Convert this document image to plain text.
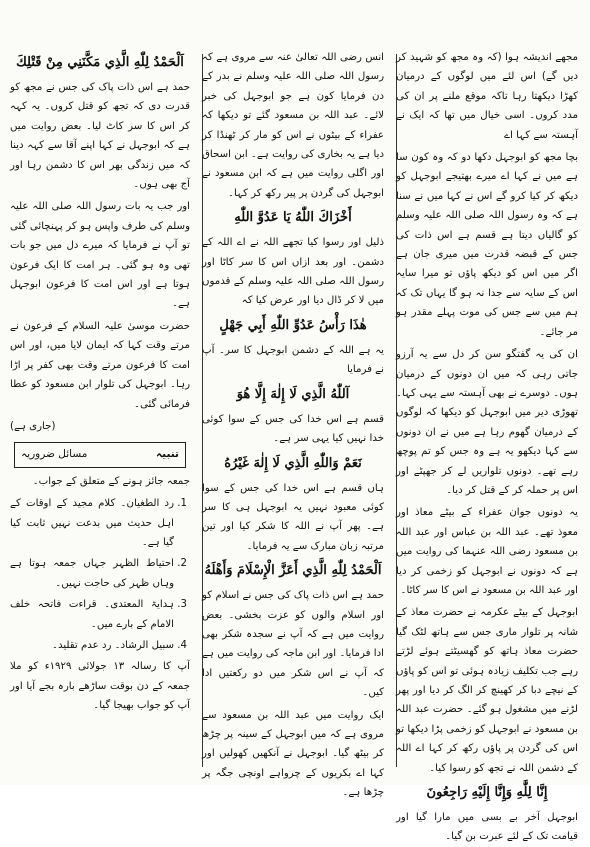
مجھے اندیشہ ہوا (کہ وہ مجھ کو شہید کر دیں گے) اس لئے میں لوگوں کے درمیان کھڑا دیکھتا رہا تاکہ موقع ملنے پر ان کی مدد کروں۔ اسی خیال میں تھا کہ ایک نے آہستہ سے کہا اے

بچا مجھ کو ابوجہل دکھا دو کہ وہ کون سا ہے میں نے کہا اے میرے بھتیجے ابوجہل کو دیکھ کر کیا کرو گے اس نے کہا میں نے سنا ہے کہ وہ رسول اللہ صلی اللہ علیہ وسلم کو گالیاں دیتا ہے قسم ہے اس ذات کی جس کے قبضہ قدرت میں میری جان ہے اگر میں اس کو دیکھ پاؤں تو میرا سایہ اس کے سایہ سے جدا نہ ہو گا یہاں تک کہ ہم میں سے جس کی موت پہلے مقدر ہو مر جائے۔

ان کی یہ گفتگو سن کر دل سے یہ آرزو جاتی رہی کہ میں ان دونوں کے درمیان ہوں۔ دوسرے نے بھی آہستہ سے یہی کہا۔ تھوڑی دیر میں ابوجہل کو دیکھا کہ لوگوں کے درمیان گھوم رہا ہے میں نے ان دونوں سے کہا دیکھو یہ ہے وہ جس کو تم پوچھ رہے تھے۔ دونوں تلواریں لے کر جھپٹے اور اس پر حملہ کر کے قتل کر دیا۔

یہ دونوں جوان عفراء کے بیٹے معاذ اور معوذ تھے۔ عبد اللہ بن عباس اور عبد اللہ بن مسعود رضی اللہ عنہما کی روایت میں ہے کہ دونوں نے ابوجہل کو زخمی کر دیا اور عبد اللہ بن مسعود نے اس کا سر کاٹا۔

ابوجہل کے بیٹے عکرمہ نے حضرت معاذ کے شانہ پر تلوار ماری جس سے ہاتھ لٹک گیا حضرت معاذ ہاتھ کو گھسیٹتے ہوئے لڑتے رہے جب تکلیف زیادہ ہوئی تو اس کو پاؤں کے نیچے دبا کر کھینچ کر الگ کر دیا اور پھر لڑنے میں مشغول ہو گئے۔ حضرت عبد اللہ بن مسعود نے ابوجہل کو زخمی پڑا دیکھا تو اس کی گردن پر پاؤں رکھ کر کہا اے اللہ کے دشمن اللہ نے تجھ کو رسوا کیا۔

إِنَّا لِلَّٰهِ وَإِنَّا إِلَيْهِ رَاجِعُونَ

ابوجہل آخر بے بسی میں مارا گیا اور قیامت تک کے لئے عبرت بن گیا۔

انس رضی اللہ تعالیٰ عنہ سے مروی ہے کہ رسول اللہ صلی اللہ علیہ وسلم نے بدر کے دن فرمایا کون ہے جو ابوجہل کی خبر لائے۔ عبد اللہ بن مسعود گئے تو دیکھا کہ عفراء کے بیٹوں نے اس کو مار کر ٹھنڈا کر دیا ہے یہ بخاری کی روایت ہے۔ ابن اسحاق اور اگلی روایت میں ہے کہ ابن مسعود نے ابوجہل کی گردن پر پیر رکھ کر کہا۔

أَخْزَاكَ اللّٰهُ يَا عَدُوَّ اللّٰهِ

ذلیل اور رسوا کیا تجھے اللہ نے اے اللہ کے دشمن۔ اور بعد ازاں اس کا سر کاٹا اور رسول اللہ صلی اللہ علیہ وسلم کے قدموں میں لا کر ڈال دیا اور عرض کیا کہ

هٰذَا رَأْسُ عَدُوِّ اللّٰهِ أَبِي جَهْلٍ

یہ ہے اللہ کے دشمن ابوجہل کا سر۔ آپ نے فرمایا

آللّٰهُ الَّذِي لَا إِلٰهَ إِلَّا هُوَ

قسم ہے اس خدا کی جس کے سوا کوئی خدا نہیں کیا یہی سر ہے۔

نَعَمْ وَاللّٰهِ الَّذِي لَا إِلٰهَ غَيْرُهُ

ہاں قسم ہے اس خدا کی جس کے سوا کوئی معبود نہیں یہ ابوجہل ہی کا سر ہے۔ پھر آپ نے اللہ کا شکر کیا اور تین مرتبہ زبان مبارک سے یہ فرمایا۔

اَلْحَمْدُ لِلّٰهِ الَّذِي أَعَزَّ الْإِسْلَامَ وَأَهْلَهُ

حمد ہے اس ذات پاک کی جس نے اسلام کو اور اسلام والوں کو عزت بخشی۔ بعض روایت میں ہے کہ آپ نے سجدہ شکر بھی ادا فرمایا۔ اور ابن ماجہ کی روایت میں ہے کہ آپ نے اس شکر میں دو رکعتیں ادا کیں۔

ایک روایت میں عبد اللہ بن مسعود سے مروی ہے کہ میں ابوجہل کے سینہ پر چڑھ کر بیٹھ گیا۔ ابوجہل نے آنکھیں کھولیں اور کہا اے بکریوں کے چرواہے اونچی جگہ پر چڑھا ہے۔

اَلْحَمْدُ لِلّٰهِ الَّذِي مَكَّنَنِي مِنْ قَتْلِكَ

حمد ہے اس ذات پاک کی جس نے مجھ کو قدرت دی کہ تجھ کو قتل کروں۔ یہ کہہ کر اس کا سر کاٹ لیا۔ بعض روایت میں ہے کہ ابوجہل نے کہا اپنے آقا سے کہہ دینا کہ میں زندگی بھر اس کا دشمن رہا اور آج بھی ہوں۔

اور جب یہ بات رسول اللہ صلی اللہ علیہ وسلم کی طرف واپس ہو کر پہنچائی گئی تو آپ نے فرمایا کہ میرے دل میں جو بات تھی وہ ہو گئی۔ ہر امت کا ایک فرعون ہوتا ہے اور اس امت کا فرعون ابوجہل ہے۔

حضرت موسیٰ علیہ السلام کے فرعون نے مرتے وقت کہا کہ ایمان لایا میں، اور اس امت کا فرعون مرتے وقت بھی کفر پر اڑا رہا۔ ابوجہل کی تلوار ابن مسعود کو عطا فرمائی گئی۔

(جاری ہے)

تنبیہ
مسائل ضروریہ

جمعہ جائز ہونے کے متعلق کے جواب۔

1. رد الطغیان۔ کلام مجید کے اوقات کے اہل حدیث میں بدعت نہیں ثابت کیا گیا ہے۔
2. احتیاط الظہر جہاں جمعہ ہوتا ہے وہاں ظہر کی حاجت نہیں۔
3. ہدایۃ المعتدی۔ قراءت فاتحہ خلف الامام کے بارے میں۔
4. سبیل الرشاد۔ رد عدم تقلید۔

آپ کا رسالہ ۱۳ جولائی ۱۹۲۹ء کو ملا جمعہ کے دن بوقت ساڑھے بارہ بجے آیا اور آپ کو جواب بھیجا گیا۔
